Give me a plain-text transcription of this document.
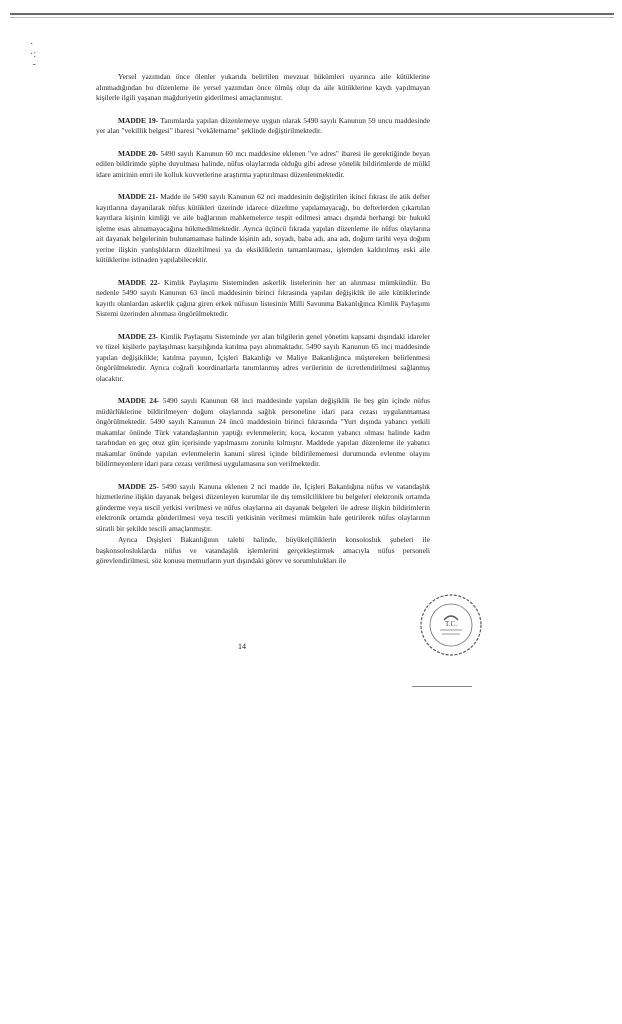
·
·:
-

Yersel yazımdan önce ölenler yukarıda belirtilen mevzuat hükümleri uyarınca aile kütüklerine alınmadığından bu düzenleme ile yersel yazımdan önce ölmüş olup da aile kütüklerine kaydı yapılmayan kişilerle ilgili yaşanan mağduriyetin giderilmesi amaçlanmıştır.

MADDE 19- Tanımlarda yapılan düzenlemeye uygun olarak 5490 sayılı Kanunun 59 uncu maddesinde yer alan "vekillik belgesi" ibaresi "vekâletname" şeklinde değiştirilmektedir.

MADDE 20- 5490 sayılı Kanunun 60 ıncı maddesine eklenen "ve adres" ibaresi ile gerektiğinde beyan edilen bildirimde şüphe duyulması halinde, nüfus olaylarında olduğu gibi adrese yönelik bildirimlerde de mülkî idare amirinin emri ile kolluk kuvvetlerine araştırma yaptırılması düzenlenmektedir.

MADDE 21- Madde ile 5490 sayılı Kanunun 62 nci maddesinin değiştirilen ikinci fıkrası ile atik defter kayıtlarına dayanılarak nüfus kütükleri üzerinde idarece düzeltme yapılamayacağı, bu defterlerden çıkartılan kayıtlara kişinin kimliği ve aile bağlarının mahkemelerce tespit edilmesi amacı dışında herhangi bir hukukî işleme esas alınamayacağına hükmedilmektedir. Ayrıca üçüncü fıkrada yapılan düzenleme ile nüfus olaylarına ait dayanak belgelerinin bulunamaması halinde kişinin adı, soyadı, baba adı, ana adı, doğum tarihi veya doğum yerine ilişkin yanlışlıkların düzeltilmesi ya da eksikliklerin tamamlanması, işlemden kaldırılmış eski aile kütüklerine istinaden yapılabilecektir.

MADDE 22- Kimlik Paylaşımı Sisteminden askerlik listelerinin her an alınması mümkündür. Bu nedenle 5490 sayılı Kanunun 63 üncü maddesinin birinci fıkrasında yapılan değişiklik ile aile kütüklerinde kayıtlı olanlardan askerlik çağına giren erkek nüfusun listesinin Milli Savunma Bakanlığınca Kimlik Paylaşımı Sistemi üzerinden alınması öngörülmektedir.

MADDE 23- Kimlik Paylaşımı Sisteminde yer alan bilgilerin genel yönetim kapsamı dışındaki idareler ve tüzel kişilerle paylaşılması karşılığında katılma payı alınmaktadır. 5490 sayılı Kanunun 65 inci maddesinde yapılan değişiklikle; katılma payının, İçişleri Bakanlığı ve Maliye Bakanlığınca müştereken belirlenmesi öngörülmektedir. Ayrıca coğrafi koordinatlarla tanımlanmış adres verilerinin de ücretlendirilmesi sağlanmış olacaktır.

MADDE 24- 5490 sayılı Kanunun 68 inci maddesinde yapılan değişiklik ile beş gün içinde nüfus müdürlüklerine bildirilmeyen doğum olaylarında sağlık personeline idari para cezası uygulanmaması öngörülmektedir. 5490 sayılı Kanunun 24 üncü maddesinin birinci fıkrasında "Yurt dışında yabancı yetkili makamlar önünde Türk vatandaşlarının yaptığı evlenmelerin; koca, kocanın yabancı olması halinde kadın tarafından en geç otuz gün içerisinde yapılmasını zorunlu kılmıştır. Maddede yapılan düzenleme ile yabancı makamlar önünde yapılan evlenmelerin kanuni süresi içinde bildirilememesi durumunda evlenme olayını bildirmeyenlere idari para cezası verilmesi uygulamasına son verilmektedir.

MADDE 25- 5490 sayılı Kanuna eklenen 2 nci madde ile, İçişleri Bakanlığına nüfus ve vatandaşlık hizmetlerine ilişkin dayanak belgesi düzenleyen kurumlar ile dış temsilciliklere bu belgeleri elektronik ortamda gönderme veya tescil yetkisi verilmesi ve nüfus olaylarına ait dayanak belgeleri ile adrese ilişkin bildirimlerin elektronik ortamda gönderilmesi veya tescili yetkisinin verilmesi mümkün hale getirilerek nüfus olaylarının süratli bir şekilde tescili amaçlanmıştır.

Ayrıca Dışişleri Bakanlığının talebi halinde, büyükelçiliklerin konsolosluk şubeleri ile başkonsolosluklarda nüfus ve vatandaşlık işlemlerini gerçekleştirmek amacıyla nüfus personeli görevlendirilmesi, söz konusu memurların yurt dışındaki görev ve sorumlulukları ile

14
T.C.
